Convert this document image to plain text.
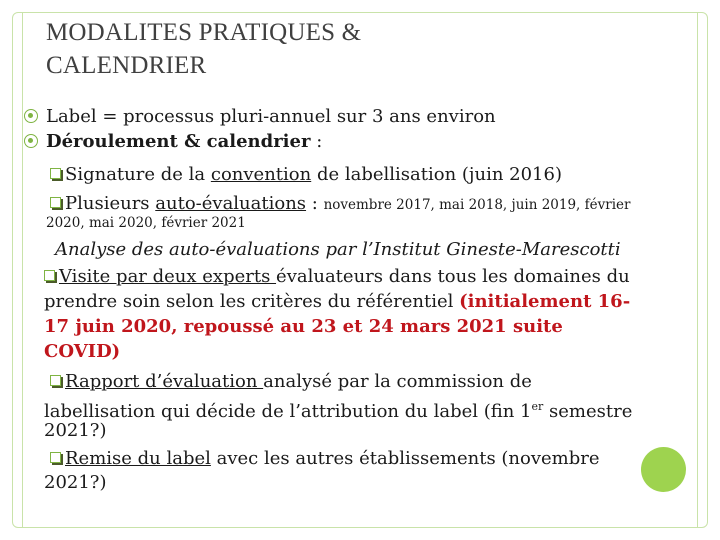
MODALITES PRATIQUES &
CALENDRIER
Label = processus pluri-annuel sur 3 ans environ
Déroulement & calendrier :
Signature de la convention de labellisation (juin 2016)
Plusieurs auto-évaluations : novembre 2017, mai 2018, juin 2019, février
2020, mai 2020, février 2021
Analyse des auto-évaluations par l’Institut Gineste-Marescotti
Visite par deux experts évaluateurs dans tous les domaines du
prendre soin selon les critères du référentiel (initialement 16-
17 juin 2020, repoussé au 23 et 24 mars 2021 suite
COVID)
Rapport d’évaluation analysé par la commission de
labellisation qui décide de l’attribution du label (fin 1er semestre
2021?)
Remise du label avec les autres établissements (novembre
2021?)
